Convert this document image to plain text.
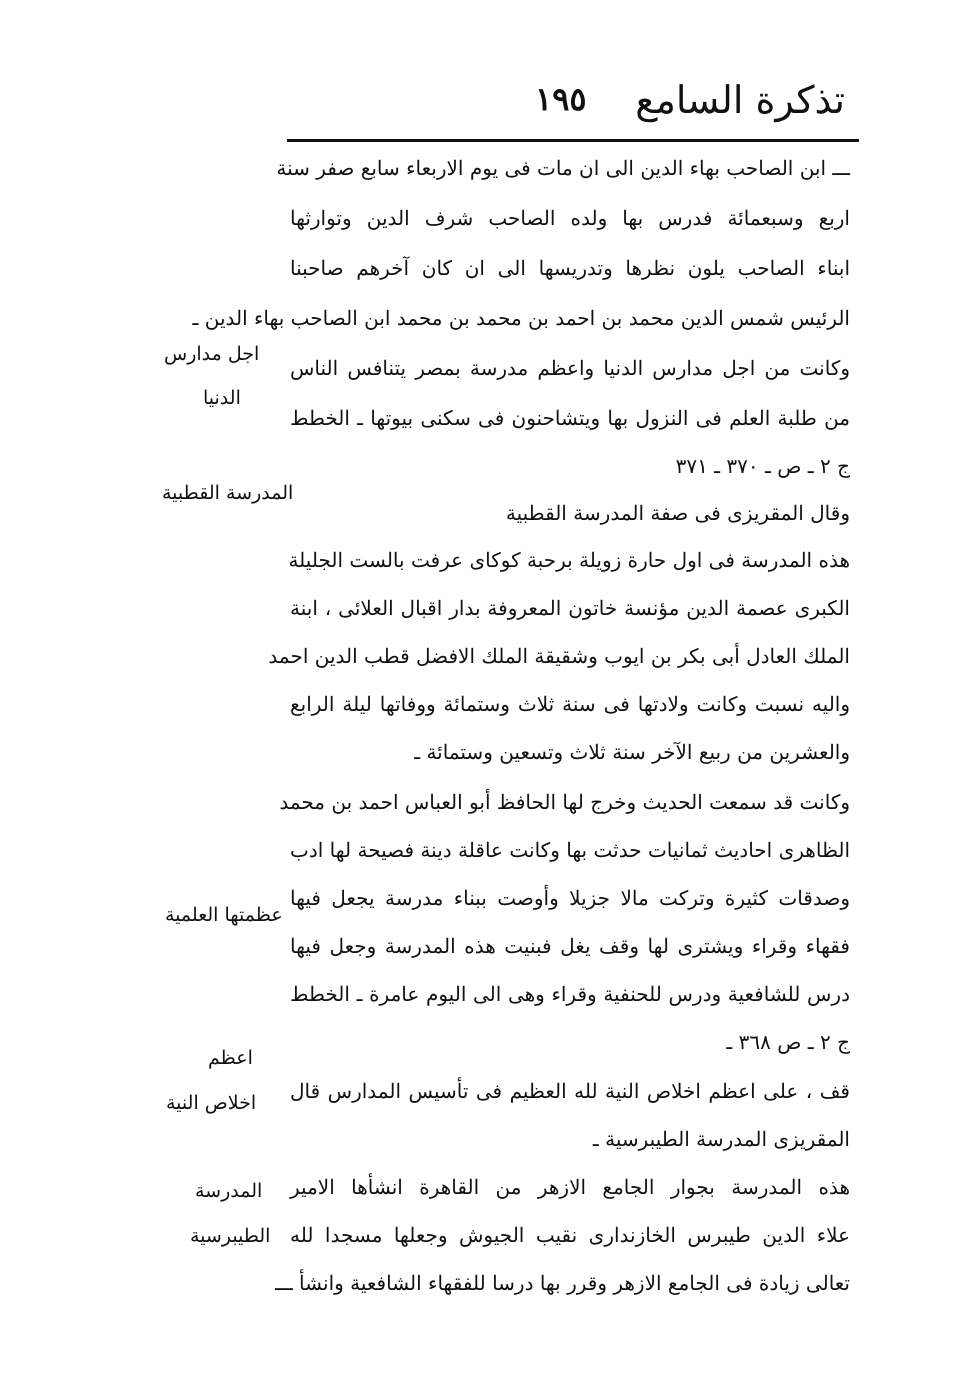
تذكرة السامع
١٩٥
ـــ ابن الصاحب بهاء الدين الى ان مات فى يوم الاربعاء سابع صفر سنة
اربع وسبعمائة فدرس بها ولده الصاحب شرف الدين وتوارثها
ابناء الصاحب يلون نظرها وتدريسها الى ان كان آخرهم صاحبنا
الرئيس شمس الدين محمد بن احمد بن محمد بن محمد ابن الصاحب بهاء الدين ـ
وكانت من اجل مدارس الدنيا واعظم مدرسة بمصر يتنافس الناس
من طلبة العلم فى النزول بها ويتشاحنون فى سكنى بيوتها ـ الخطط
ج ٢ ـ ص ـ ٣٧٠ ـ ٣٧١
وقال المقريزى فى صفة المدرسة القطبية
هذه المدرسة فى اول حارة زويلة برحبة كوكاى عرفت بالست الجليلة
الكبرى عصمة الدين مؤنسة خاتون المعروفة بدار اقبال العلائى ، ابنة
الملك العادل أبى بكر بن ايوب وشقيقة الملك الافضل قطب الدين احمد
واليه نسبت وكانت ولادتها فى سنة ثلاث وستمائة ووفاتها ليلة الرابع
والعشرين من ربيع الآخر سنة ثلاث وتسعين وستمائة ـ
وكانت قد سمعت الحديث وخرج لها الحافظ أبو العباس احمد بن محمد
الظاهرى احاديث ثمانيات حدثت بها وكانت عاقلة دينة فصيحة لها ادب
وصدقات كثيرة وتركت مالا جزيلا وأوصت ببناء مدرسة يجعل فيها
فقهاء وقراء ويشترى لها وقف يغل فبنيت هذه المدرسة وجعل فيها
درس للشافعية ودرس للحنفية وقراء وهى الى اليوم عامرة ـ الخطط
ج ٢ ـ ص ٣٦٨ ـ
قف ، على اعظم اخلاص النية لله العظيم فى تأسيس المدارس قال
المقريزى المدرسة الطيبرسية ـ
هذه المدرسة بجوار الجامع الازهر من القاهرة انشأها الامير
علاء الدين طيبرس الخازندارى نقيب الجيوش وجعلها مسجدا لله
تعالى زيادة فى الجامع الازهر وقرر بها درسا للفقهاء الشافعية وانشأ ـــ
اجل مدارس
الدنيا
المدرسة القطبية
عظمتها العلمية
اعظم
اخلاص النية
المدرسة
الطيبرسية
